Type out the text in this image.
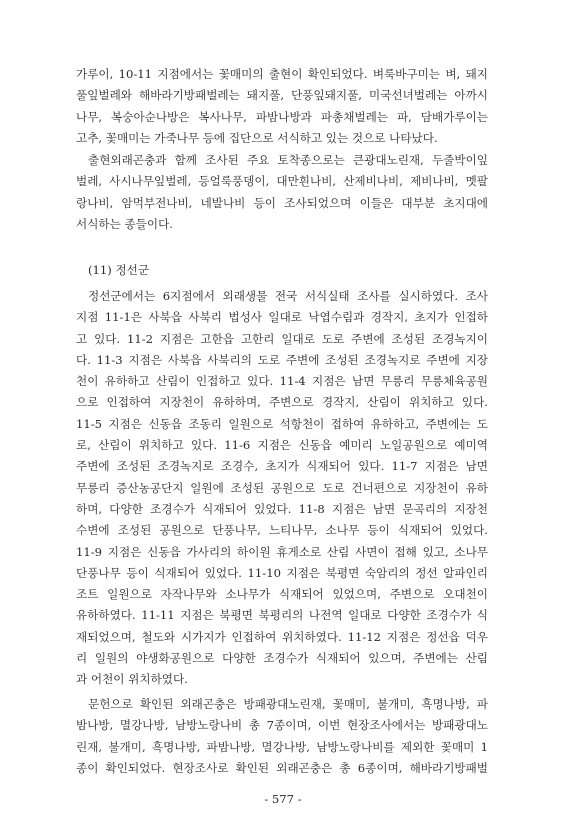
가루이, 10-11 지점에서는 꽃매미의 출현이 확인되었다. 벼룩바구미는 벼, 돼지
풀잎벌레와 해바라기방패벌레는 돼지풀, 단풍잎돼지풀, 미국선녀벌레는 아까시
나무, 복숭아순나방은 복사나무, 파밤나방과 파총채벌레는 파, 담배가루이는
고추, 꽃매미는 가죽나무 등에 집단으로 서식하고 있는 것으로 나타났다.
출현외래곤충과 함께 조사된 주요 토착종으로는 큰광대노린재, 두줄박이잎
벌레, 사시나무잎벌레, 등얼룩풍뎅이, 대만흰나비, 산제비나비, 제비나비, 멧팔
랑나비, 암먹부전나비, 네발나비 등이 조사되었으며 이들은 대부분 초지대에
서식하는 종들이다.
(11) 정선군
정선군에서는 6지점에서 외래생물 전국 서식실태 조사를 실시하였다. 조사
지점 11-1은 사북읍 사북리 법성사 일대로 낙엽수림과 경작지, 초지가 인접하
고 있다. 11-2 지점은 고한읍 고한리 일대로 도로 주변에 조성된 조경녹지이
다. 11-3 지점은 사북읍 사북리의 도로 주변에 조성된 조경녹지로 주변에 지장
천이 유하하고 산림이 인접하고 있다. 11-4 지점은 남면 무릉리 무릉체육공원
으로 인접하여 지장천이 유하하며, 주변으로 경작지, 산림이 위치하고 있다.
11-5 지점은 신동읍 조동리 일원으로 석항천이 접하여 유하하고, 주변에는 도
로, 산림이 위치하고 있다. 11-6 지점은 신동읍 예미리 노일공원으로 예미역
주변에 조성된 조경녹지로 조경수, 초지가 식재되어 있다. 11-7 지점은 남면
무릉리 증산농공단지 일원에 조성된 공원으로 도로 건너편으로 지장천이 유하
하며, 다양한 조경수가 식재되어 있었다. 11-8 지점은 남면 문곡리의 지장천
수변에 조성된 공원으로 단풍나무, 느티나무, 소나무 등이 식재되어 있었다.
11-9 지점은 신동읍 가사리의 하이원 휴게소로 산림 사면이 접해 있고, 소나무
단풍나무 등이 식재되어 있었다. 11-10 지점은 북평면 숙암리의 정선 알파인리
조트 일원으로 자작나무와 소나무가 식재되어 있었으며, 주변으로 오대천이
유하하였다. 11-11 지점은 북평면 북평리의 나전역 일대로 다양한 조경수가 식
재되었으며, 철도와 시가지가 인접하여 위치하였다. 11-12 지점은 정선읍 덕우
리 일원의 야생화공원으로 다양한 조경수가 식재되어 있으며, 주변에는 산림
과 어천이 위치하였다.
문헌으로 확인된 외래곤충은 방패광대노린재, 꽃매미, 불개미, 흑명나방, 파
밤나방, 멸강나방, 남방노랑나비 총 7종이며, 이번 현장조사에서는 방패광대노
린재, 불개미, 흑명나방, 파밤나방, 멸강나방, 남방노랑나비를 제외한 꽃매미 1
종이 확인되었다. 현장조사로 확인된 외래곤충은 총 6종이며, 해바라기방패벌
- 577 -
